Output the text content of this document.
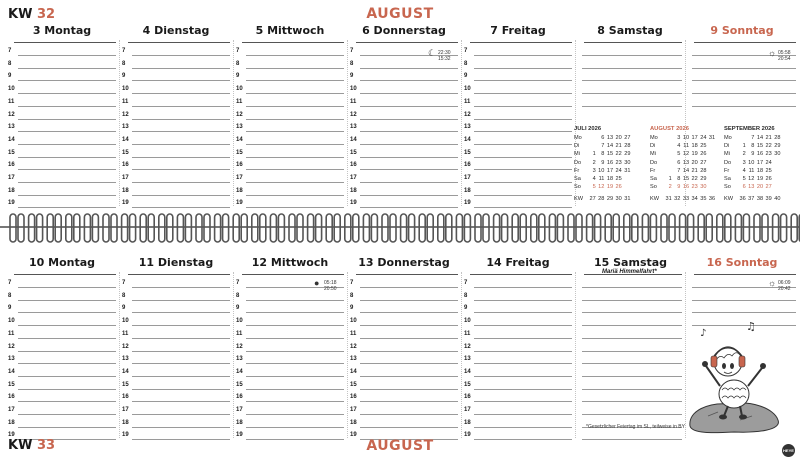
KW 32	AUGUST
3 Montag
7
8
9
10
11
12
13
14
15
16
17
18
19
4 Dienstag
7
8
9
10
11
12
13
14
15
16
17
18
19
5 Mittwoch
7
8
9
10
11
12
13
14
15
16
17
18
19
6 Donnerstag
7
8
9
10
11
12
13
14
15
16
17
18
19
☾ 22:30
15:32
7 Freitag
7
8
9
10
11
12
13
14
15
16
17
18
19
8 Samstag	9 Sonntag
☼ 05:58
20:54
10 Montag
7
8
9
10
11
12
13
14
15
16
17
18
19
11 Dienstag
7
8
9
10
11
12
13
14
15
16
17
18
19
12 Mittwoch
7
8
9
10
11
12
13
14
15
16
17
18
19
● 05:18
20:50
13 Donnerstag
7
8
9
10
11
12
13
14
15
16
17
18
19
14 Freitag
7
8
9
10
11
12
13
14
15
16
17
18
19
15 Samstag
Mariä Himmelfahrt*
16 Sonntag
☼ 06:09
20:42
JULI 2026
Mo		6	13	20	27
Di		7	14	21	28
Mi	1	8	15	22	29
Do	2	9	16	23	30
Fr	3	10	17	24	31
Sa	4	11	18	25	
So	5	12	19	26	
KW	27	28	29	30	31
AUGUST 2026
Mo		3	10	17	24	31
Di		4	11	18	25	
Mi		5	12	19	26	
Do		6	13	20	27	
Fr		7	14	21	28	
Sa	1	8	15	22	29	
So	2	9	16	23	30	
KW	31	32	33	34	35	36
SEPTEMBER 2026
Mo		7	14	21	28
Di	1	8	15	22	29
Mi	2	9	16	23	30
Do	3	10	17	24	
Fr	4	11	18	25	
Sa	5	12	19	26	
So	6	13	20	27	
KW	36	37	38	39	40
♪
♫
*Gesetzlicher Feiertag im SL, teilweise in BY
HEYE
KW 33	AUGUST
